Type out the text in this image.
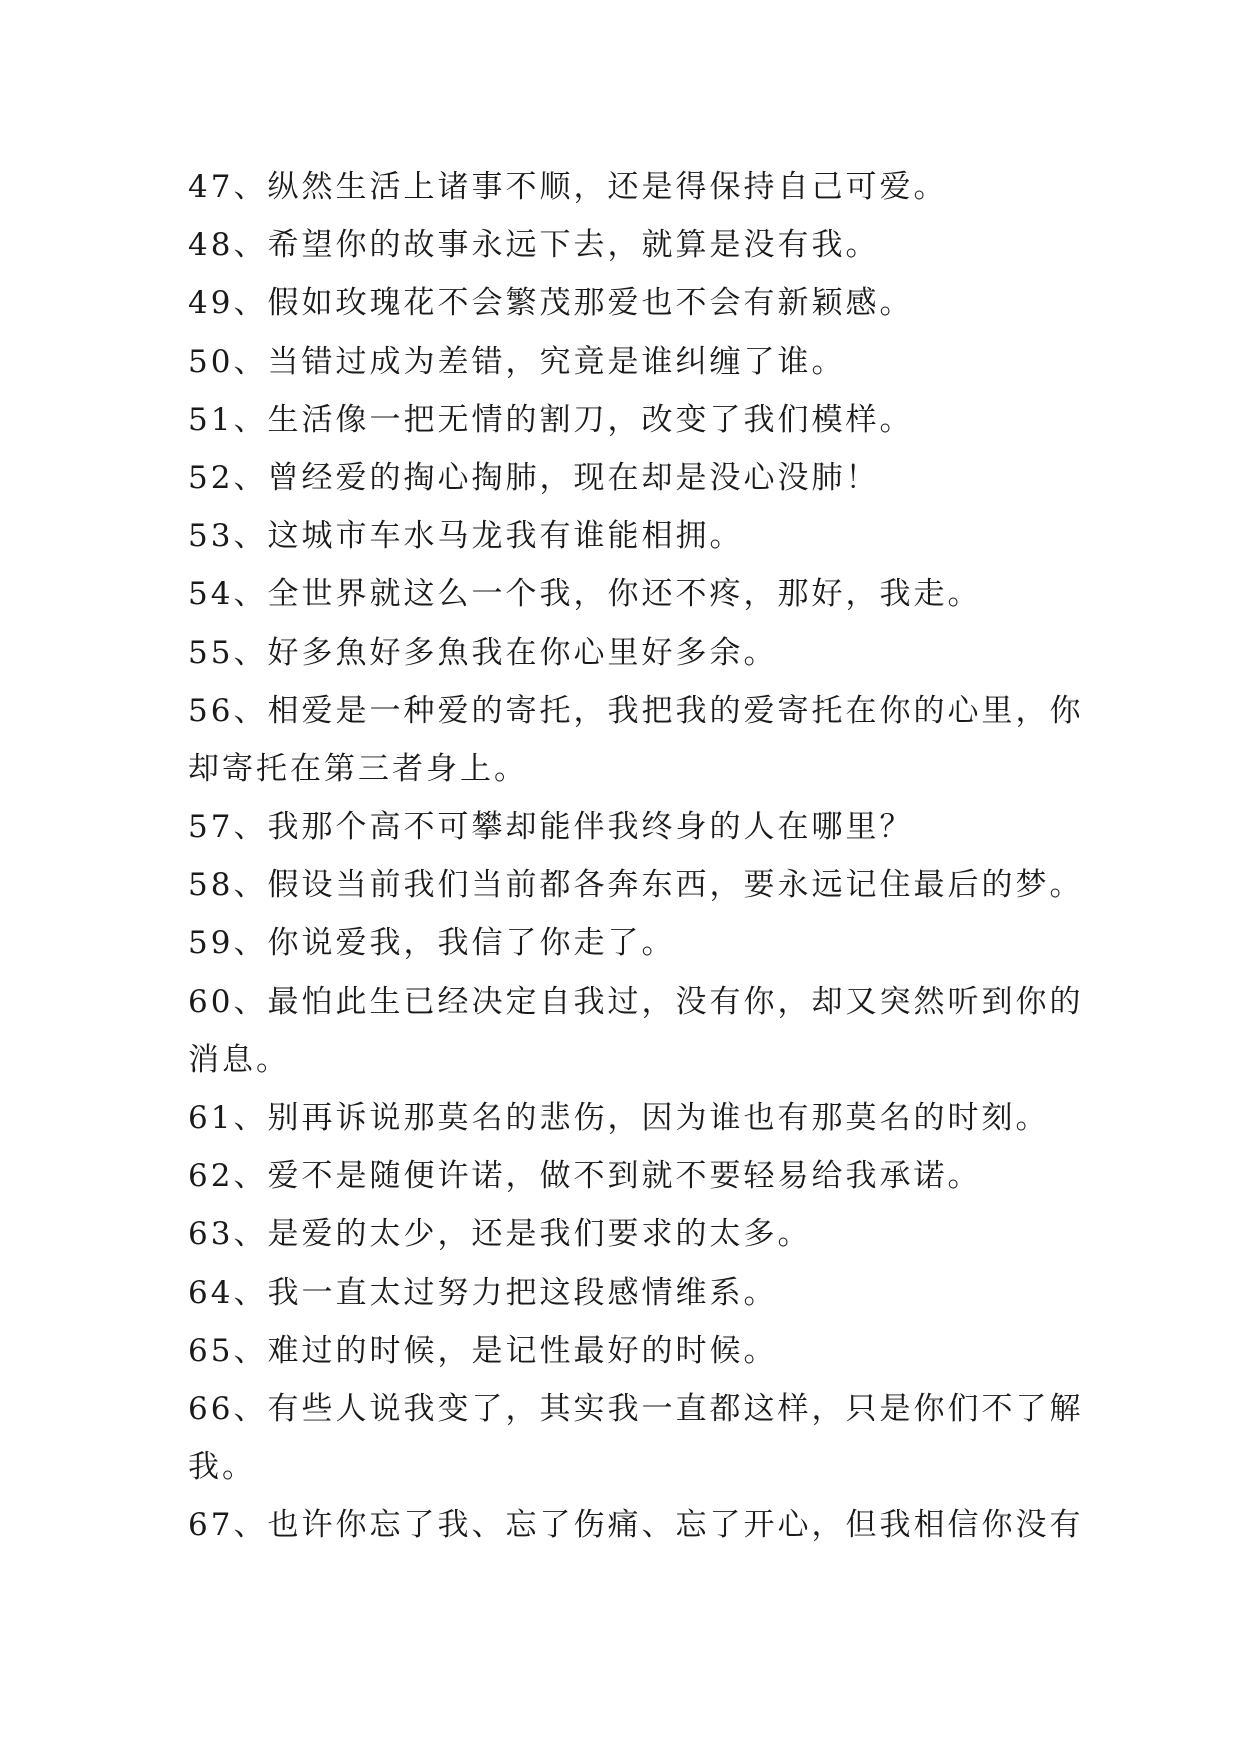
47、纵然生活上诸事不顺，还是得保持自己可爱。
48、希望你的故事永远下去，就算是没有我。
49、假如玫瑰花不会繁茂那爱也不会有新颖感。
50、当错过成为差错，究竟是谁纠缠了谁。
51、生活像一把无情的割刀，改变了我们模样。
52、曾经爱的掏心掏肺，现在却是没心没肺！
53、这城市车水马龙我有谁能相拥。
54、全世界就这么一个我，你还不疼，那好，我走。
55、好多魚好多魚我在你心里好多余。
56、相爱是一种爱的寄托，我把我的爱寄托在你的心里，你
却寄托在第三者身上。
57、我那个高不可攀却能伴我终身的人在哪里？
58、假设当前我们当前都各奔东西，要永远记住最后的梦。
59、你说爱我，我信了你走了。
60、最怕此生已经决定自我过，没有你，却又突然听到你的
消息。
61、别再诉说那莫名的悲伤，因为谁也有那莫名的时刻。
62、爱不是随便许诺，做不到就不要轻易给我承诺。
63、是爱的太少，还是我们要求的太多。
64、我一直太过努力把这段感情维系。
65、难过的时候，是记性最好的时候。
66、有些人说我变了，其实我一直都这样，只是你们不了解
我。
67、也许你忘了我、忘了伤痛、忘了开心，但我相信你没有
